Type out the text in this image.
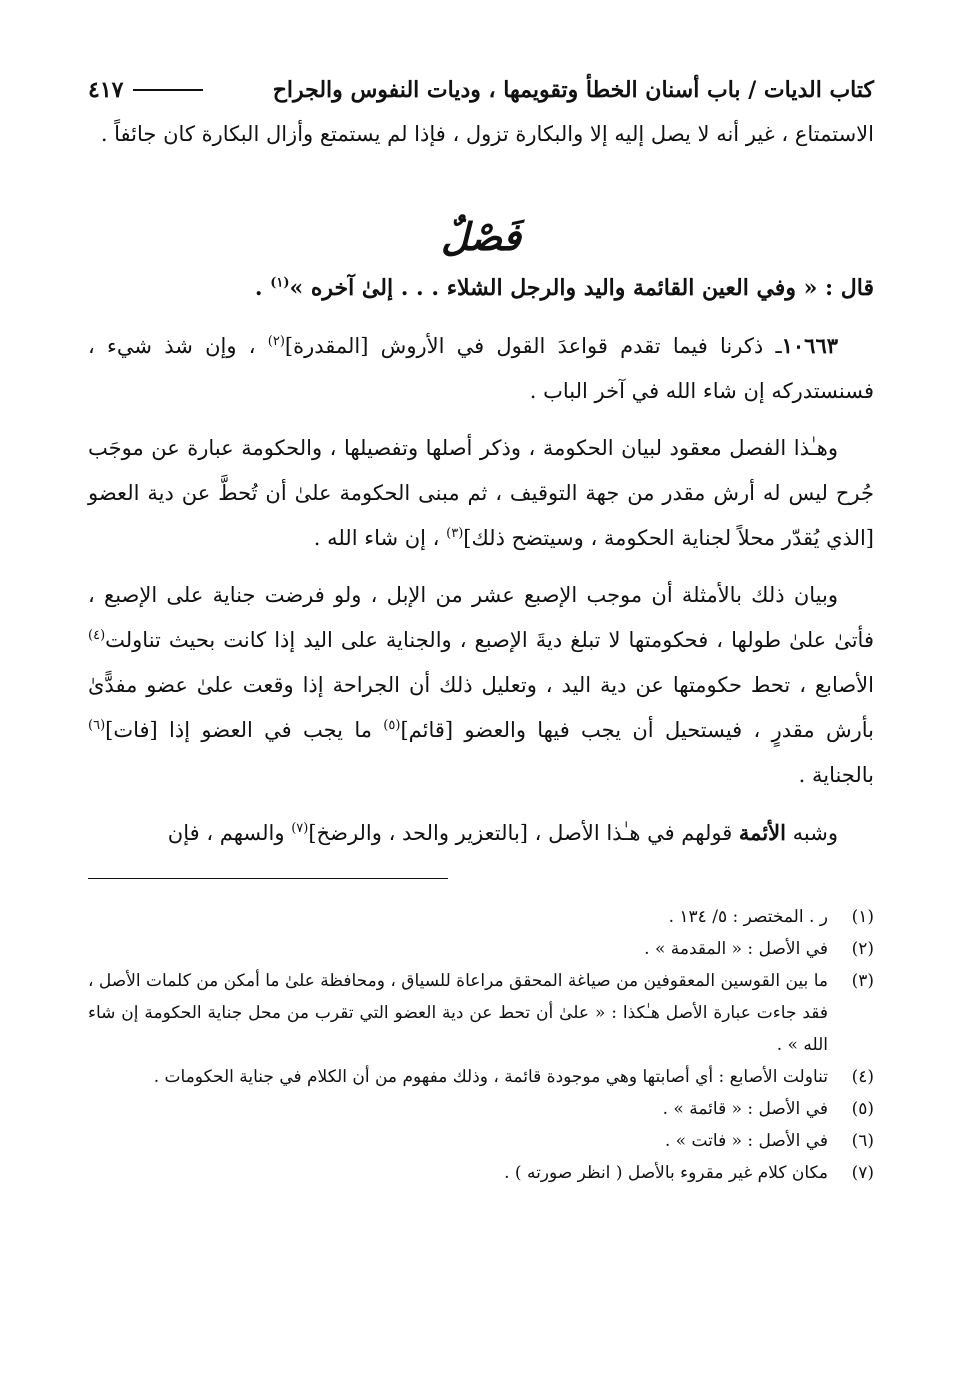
كتاب الديات / باب أسنان الخطأ وتقويمها ، وديات النفوس والجراح
٤١٧

الاستمتاع ، غير أنه لا يصل إليه إلا والبكارة تزول ، فإذا لم يستمتع وأزال البكارة كان جائفاً .

فَصْلٌ

قال : « وفي العين القائمة واليد والرجل الشلاء . . . إلىٰ آخره »$^{(١)}$ .

١٠٦٦٣ـ ذكرنا فيما تقدم قواعدَ القول في الأروش [المقدرة]$^{(٢)}$ ، وإن شذ شيء ، فسنستدركه إن شاء الله في آخر الباب .

وهـٰذا الفصل معقود لبيان الحكومة ، وذكر أصلها وتفصيلها ، والحكومة عبارة عن موجَب جُرح ليس له أرش مقدر من جهة التوقيف ، ثم مبنى الحكومة علىٰ أن تُحطَّ عن دية العضو [الذي يُقدّر محلاً لجناية الحكومة ، وسيتضح ذلك]$^{(٣)}$ ، إن شاء الله .

وبيان ذلك بالأمثلة أن موجب الإصبع عشر من الإبل ، ولو فرضت جناية على الإصبع ، فأتىٰ علىٰ طولها ، فحكومتها لا تبلغ ديةَ الإصبع ، والجناية على اليد إذا كانت بحيث تناولت$^{(٤)}$ الأصابع ، تحط حكومتها عن دية اليد ، وتعليل ذلك أن الجراحة إذا وقعت علىٰ عضو مفدًّىٰ بأرش مقدرٍ ، فيستحيل أن يجب فيها والعضو [قائم]$^{(٥)}$ ما يجب في العضو إذا [فات]$^{(٦)}$ بالجناية .

وشبه الأئمة قولهم في هـٰذا الأصل ، [بالتعزير والحد ، والرضخ]$^{(٧)}$ والسهم ، فإن

(١)
ر . المختصر : ٥/ ١٣٤ .
(٢)
في الأصل : « المقدمة » .
(٣)
ما بين القوسين المعقوفين من صياغة المحقق مراعاة للسياق ، ومحافظة علىٰ ما أمكن من كلمات الأصل ، فقد جاءت عبارة الأصل هـٰكذا : « علىٰ أن تحط عن دية العضو التي تقرب من محل جناية الحكومة إن شاء الله » .
(٤)
تناولت الأصابع : أي أصابتها وهي موجودة قائمة ، وذلك مفهوم من أن الكلام في جناية الحكومات .
(٥)
في الأصل : « قائمة » .
(٦)
في الأصل : « فاتت » .
(٧)
مكان كلام غير مقروء بالأصل ( انظر صورته ) .
